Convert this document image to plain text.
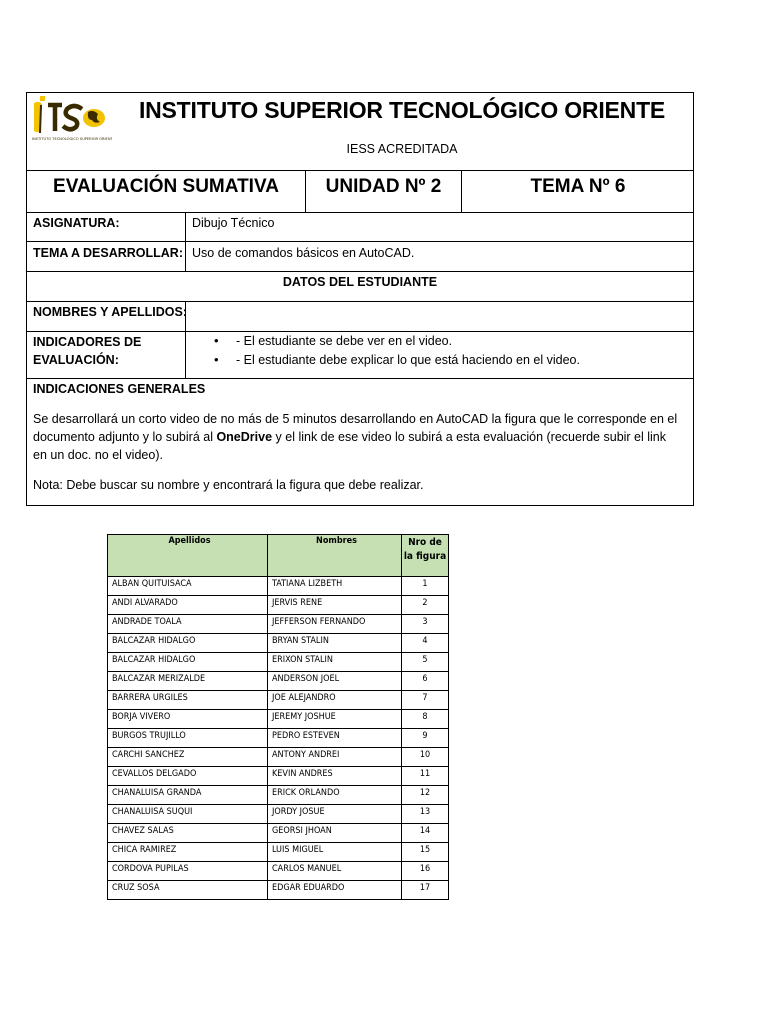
INSTITUTO TECNOLÓGICO SUPERIOR ORIENTE
INSTITUTO SUPERIOR TECNOLÓGICO ORIENTE
IESS ACREDITADA
EVALUACIÓN SUMATIVA	UNIDAD Nº 2	TEMA Nº 6
ASIGNATURA:	Dibujo Técnico
TEMA A DESARROLLAR: Uso de comandos básicos en AutoCAD.
DATOS DEL ESTUDIANTE
NOMBRES Y APELLIDOS:
INDICADORES DE
EVALUACIÓN:
• - El estudiante se debe ver en el video.
• - El estudiante debe explicar lo que está haciendo en el video.
INDICACIONES GENERALES
Se desarrollará un corto video de no más de 5 minutos desarrollando en AutoCAD la figura que le corresponde en el
documento adjunto y lo subirá al OneDrive y el link de ese video lo subirá a esta evaluación (recuerde subir el link
en un doc. no el video).
Nota: Debe buscar su nombre y encontrará la figura que debe realizar.
Apellidos	Nombres	Nro de la figura
ALBAN QUITUISACA	TATIANA LIZBETH	1
ANDI ALVARADO	JERVIS RENE	2
ANDRADE TOALA	JEFFERSON FERNANDO	3
BALCAZAR HIDALGO	BRYAN STALIN	4
BALCAZAR HIDALGO	ERIXON STALIN	5
BALCAZAR MERIZALDE	ANDERSON JOEL	6
BARRERA URGILES	JOE ALEJANDRO	7
BORJA VIVERO	JEREMY JOSHUE	8
BURGOS TRUJILLO	PEDRO ESTEVEN	9
CARCHI SANCHEZ	ANTONY ANDREI	10
CEVALLOS DELGADO	KEVIN ANDRES	11
CHANALUISA GRANDA	ERICK ORLANDO	12
CHANALUISA SUQUI	JORDY JOSUE	13
CHAVEZ SALAS	GEORSI JHOAN	14
CHICA RAMIREZ	LUIS MIGUEL	15
CORDOVA PUPILAS	CARLOS MANUEL	16
CRUZ SOSA	EDGAR EDUARDO	17
